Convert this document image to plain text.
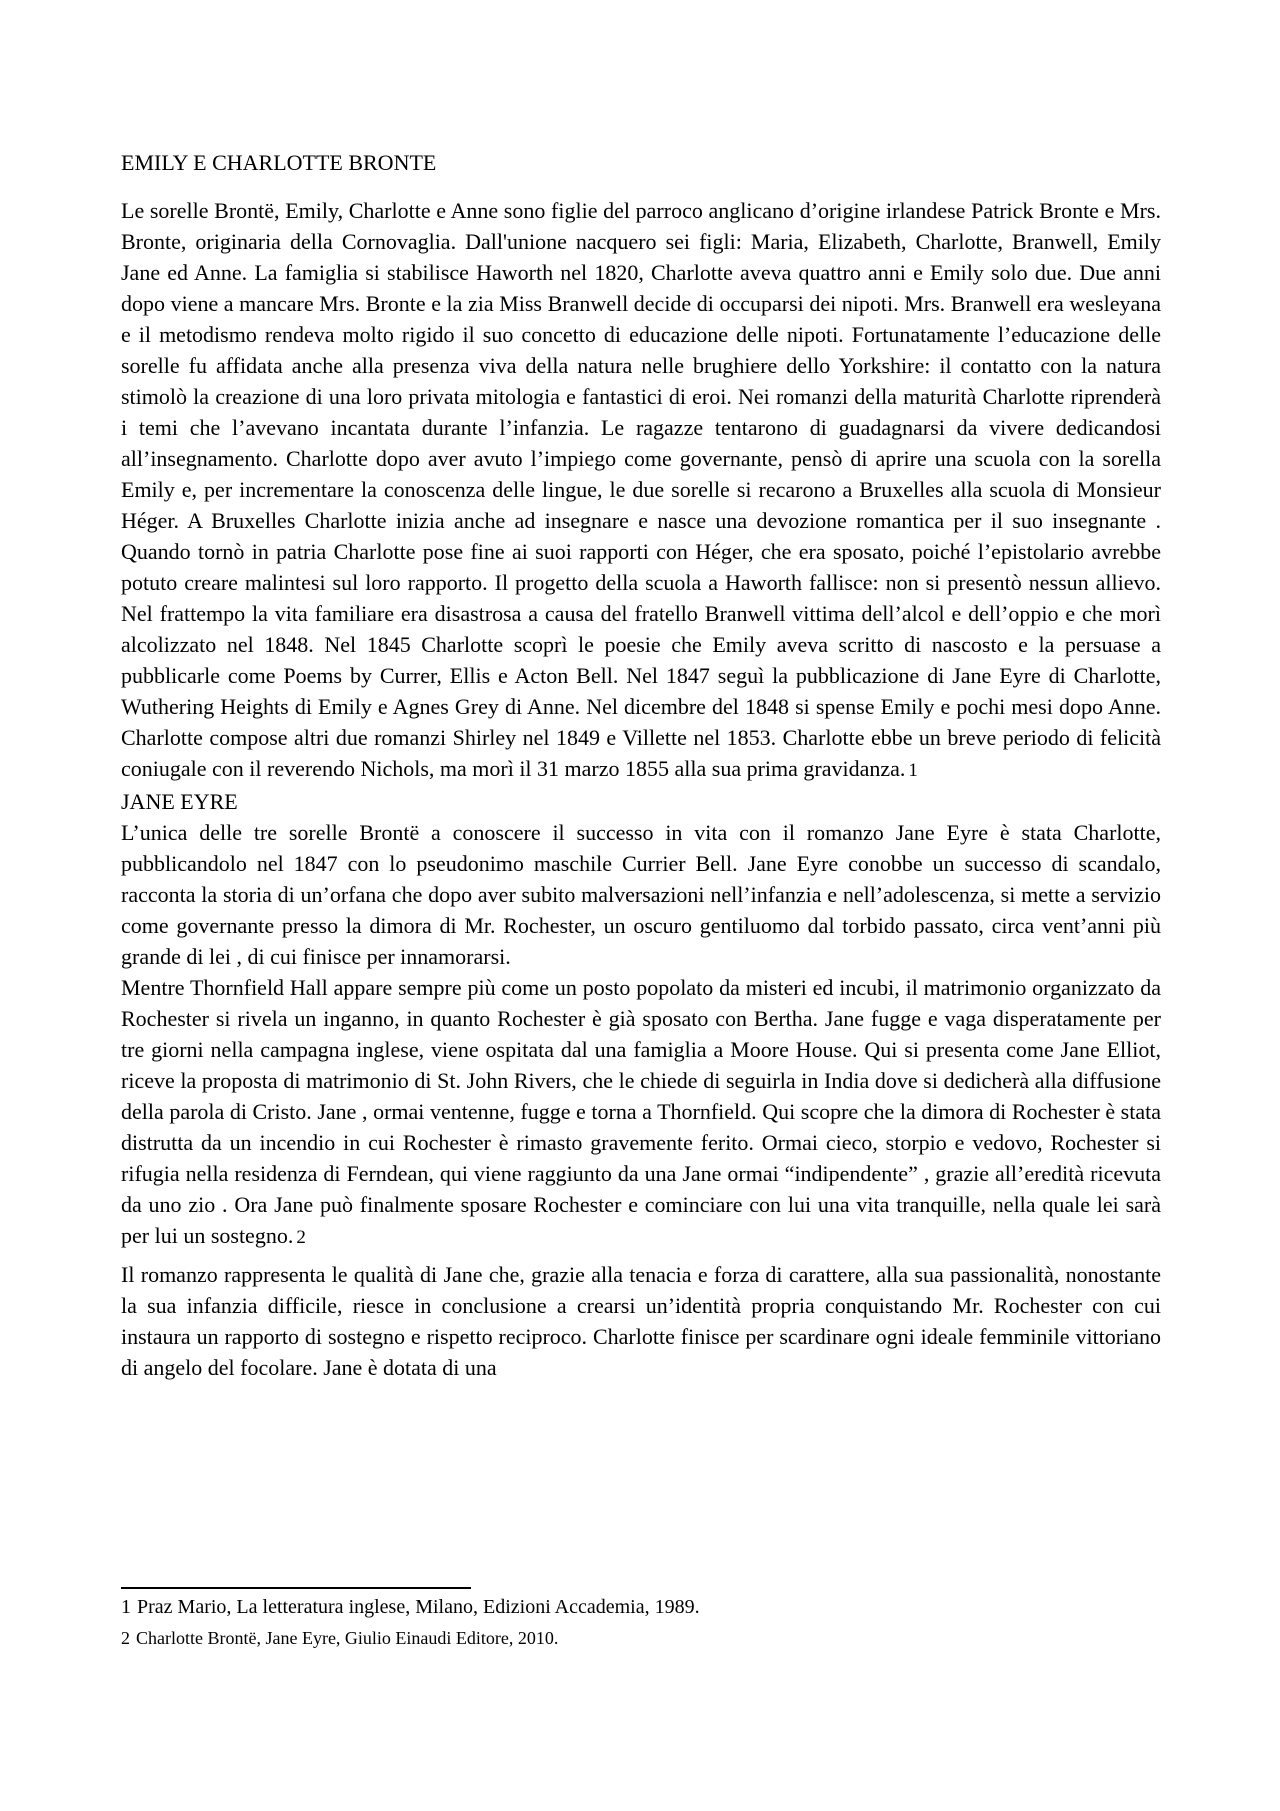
EMILY E CHARLOTTE BRONTE

Le sorelle Brontë, Emily, Charlotte e Anne sono figlie del parroco anglicano d’origine irlandese Patrick Bronte e Mrs. Bronte, originaria della Cornovaglia. Dall'unione nacquero sei figli: Maria, Elizabeth, Charlotte, Branwell, Emily Jane ed Anne. La famiglia si stabilisce Haworth nel 1820, Charlotte aveva quattro anni e Emily solo due. Due anni dopo viene a mancare Mrs. Bronte e la zia Miss Branwell decide di occuparsi dei nipoti. Mrs. Branwell era wesleyana e il metodismo rendeva molto rigido il suo concetto di educazione delle nipoti. Fortunatamente l’educazione delle sorelle fu affidata anche alla presenza viva della natura nelle brughiere dello Yorkshire: il contatto con la natura stimolò la creazione di una loro privata mitologia e fantastici di eroi. Nei romanzi della maturità Charlotte riprenderà i temi che l’avevano incantata durante l’infanzia. Le ragazze tentarono di guadagnarsi da vivere dedicandosi all’insegnamento. Charlotte dopo aver avuto l’impiego come governante, pensò di aprire una scuola con la sorella Emily e, per incrementare la conoscenza delle lingue, le due sorelle si recarono a Bruxelles alla scuola di Monsieur Héger. A Bruxelles Charlotte inizia anche ad insegnare e nasce una devozione romantica per il suo insegnante . Quando tornò in patria Charlotte pose fine ai suoi rapporti con Héger, che era sposato, poiché l’epistolario avrebbe potuto creare malintesi sul loro rapporto. Il progetto della scuola a Haworth fallisce: non si presentò nessun allievo. Nel frattempo la vita familiare era disastrosa a causa del fratello Branwell vittima dell’alcol e dell’oppio e che morì alcolizzato nel 1848. Nel 1845 Charlotte scoprì le poesie che Emily aveva scritto di nascosto e la persuase a pubblicarle come Poems by Currer, Ellis e Acton Bell. Nel 1847 seguì la pubblicazione di Jane Eyre di Charlotte, Wuthering Heights di Emily e Agnes Grey di Anne. Nel dicembre del 1848 si spense Emily e pochi mesi dopo Anne. Charlotte compose altri due romanzi Shirley nel 1849 e Villette nel 1853. Charlotte ebbe un breve periodo di felicità coniugale con il reverendo Nichols, ma morì il 31 marzo 1855 alla sua prima gravidanza. 1

JANE EYRE

L’unica delle tre sorelle Brontë a conoscere il successo in vita con il romanzo Jane Eyre è stata Charlotte, pubblicandolo nel 1847 con lo pseudonimo maschile Currier Bell. Jane Eyre conobbe un successo di scandalo, racconta la storia di un’orfana che dopo aver subito malversazioni nell’infanzia e nell’adolescenza, si mette a servizio come governante presso la dimora di Mr. Rochester, un oscuro gentiluomo dal torbido passato, circa vent’anni più grande di lei , di cui finisce per innamorarsi.

Mentre Thornfield Hall appare sempre più come un posto popolato da misteri ed incubi, il matrimonio organizzato da Rochester si rivela un inganno, in quanto Rochester è già sposato con Bertha. Jane fugge e vaga disperatamente per tre giorni nella campagna inglese, viene ospitata dal una famiglia a Moore House. Qui si presenta come Jane Elliot, riceve la proposta di matrimonio di St. John Rivers, che le chiede di seguirla in India dove si dedicherà alla diffusione della parola di Cristo. Jane , ormai ventenne, fugge e torna a Thornfield. Qui scopre che la dimora di Rochester è stata distrutta da un incendio in cui Rochester è rimasto gravemente ferito. Ormai cieco, storpio e vedovo, Rochester si rifugia nella residenza di Ferndean, qui viene raggiunto da una Jane ormai “indipendente” , grazie all’eredità ricevuta da uno zio . Ora Jane può finalmente sposare Rochester e cominciare con lui una vita tranquille, nella quale lei sarà per lui un sostegno. 2

Il romanzo rappresenta le qualità di Jane che, grazie alla tenacia e forza di carattere, alla sua passionalità, nonostante la sua infanzia difficile, riesce in conclusione a crearsi un’identità propria conquistando Mr. Rochester con cui instaura un rapporto di sostegno e rispetto reciproco. Charlotte finisce per scardinare ogni ideale femminile vittoriano di angelo del focolare. Jane è dotata di una

1 Praz Mario, La letteratura inglese, Milano, Edizioni Accademia, 1989.

2 Charlotte Brontë, Jane Eyre, Giulio Einaudi Editore, 2010.
